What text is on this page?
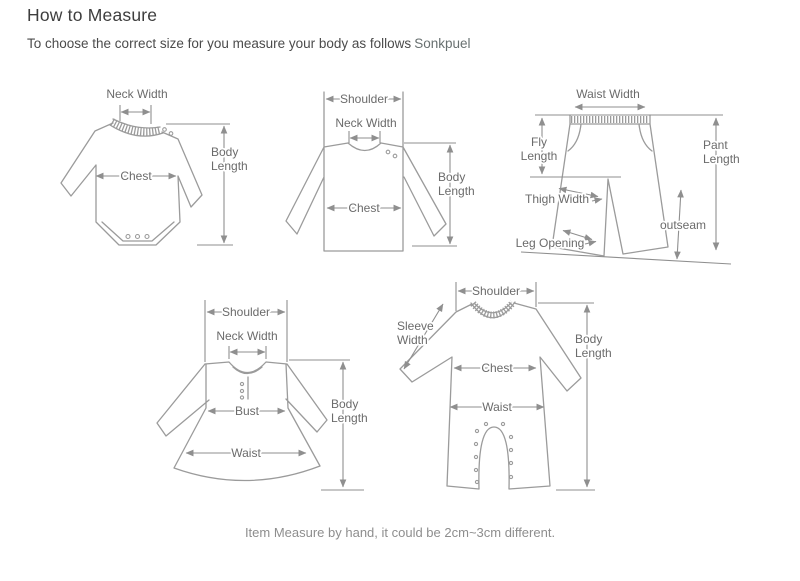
How to Measure

To choose the correct size for you measure your body as follows Sonkpuel

Neck Width
Chest
Body
Length
Shoulder
Neck Width
Chest
Body
Length
Waist Width
Fly
Length
Pant
Length
Thigh Width
outseam
Leg Opening
Shoulder
Neck Width
Bust
Waist
Body
Length
Shoulder
Sleeve
Width
Chest
Waist
Body
Length
Item Measure by hand, it could be 2cm~3cm different.
